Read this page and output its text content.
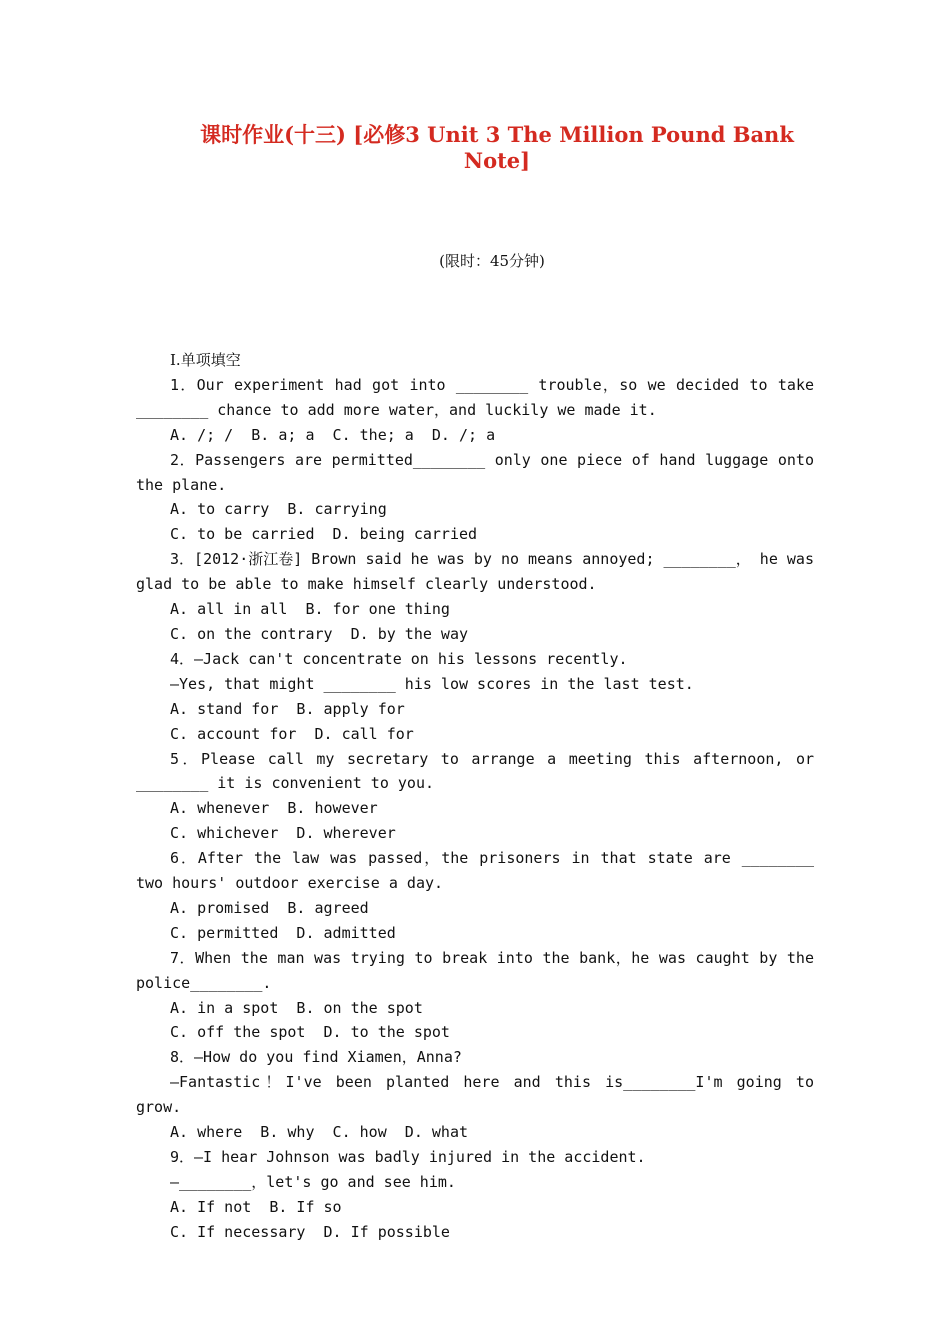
课时作业(十三) [必修3 Unit 3 The Million Pound Bank Note]
(限时：45分钟)

Ⅰ.单项填空

1．Our experiment had got into ________ trouble，so we decided to take ________ chance to add more water，and luckily we made it.

A. /; /  B. a; a  C. the; a  D. /; a

2．Passengers are permitted________ only one piece of hand luggage onto the plane.

A. to carry  B. carrying

C. to be carried  D. being carried

3．[2012·浙江卷] Brown said he was by no means annoyed; ________， he was glad to be able to make himself clearly understood.

A. all in all  B. for one thing

C. on the contrary  D. by the way

4．—Jack can't concentrate on his lessons recently.

—Yes, that might ________ his low scores in the last test.

A. stand for  B. apply for

C. account for  D. call for

5．Please call my secretary to arrange a meeting this afternoon, or ________ it is convenient to you.

A. whenever  B. however

C. whichever  D. wherever

6．After the law was passed，the prisoners in that state are ________ two hours' outdoor exercise a day.

A. promised  B. agreed

C. permitted  D. admitted

7．When the man was trying to break into the bank，he was caught by the police________.

A. in a spot  B. on the spot

C. off the spot  D. to the spot

8．—How do you find Xiamen，Anna?

—Fantastic！I've been planted here and this is________I'm going to grow.

A. where  B. why  C. how  D. what

9．—I hear Johnson was badly injured in the accident.

—________，let's go and see him.

A. If not  B. If so

C. If necessary  D. If possible
